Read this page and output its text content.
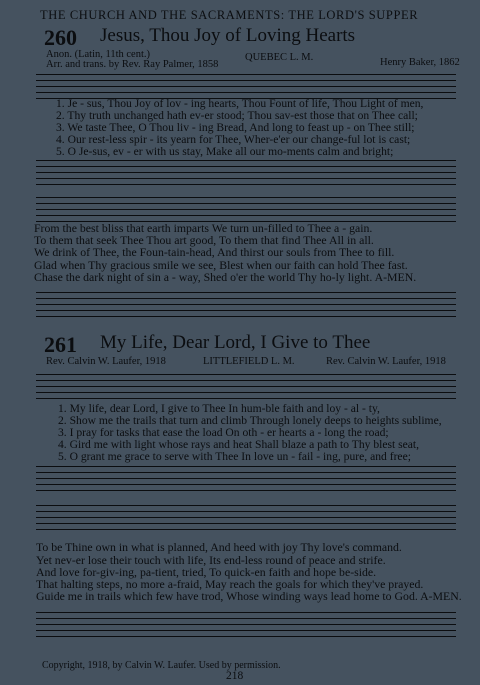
THE CHURCH AND THE SACRAMENTS: THE LORD'S SUPPER
260 Jesus, Thou Joy of Loving Hearts
Anon. (Latin, 11th cent.)
Arr. and trans. by Rev. Ray Palmer, 1858
QUEBEC L. M.	Henry Baker, 1862
1. Je - sus, Thou Joy of lov - ing hearts, Thou Fount of life, Thou Light of men,
2. Thy truth unchanged hath ev-er stood; Thou sav-est those that on Thee call;
3. We taste Thee, O Thou liv - ing Bread, And long to feast up - on Thee still;
4. Our rest-less spir - its yearn for Thee, Wher-e'er our change-ful lot is cast;
5. O Je-sus, ev - er with us stay, Make all our mo-ments calm and bright;
From the best bliss that earth imparts We turn un-filled to Thee a - gain.
To them that seek Thee Thou art good, To them that find Thee All in all.
We drink of Thee, the Foun-tain-head, And thirst our souls from Thee to fill.
Glad when Thy gracious smile we see, Blest when our faith can hold Thee fast.
Chase the dark night of sin a - way, Shed o'er the world Thy ho-ly light. A-MEN.
261 My Life, Dear Lord, I Give to Thee
Rev. Calvin W. Laufer, 1918	LITTLEFIELD L. M.	Rev. Calvin W. Laufer, 1918
1. My life, dear Lord, I give to Thee In hum-ble faith and loy - al - ty,
2. Show me the trails that turn and climb Through lonely deeps to heights sublime,
3. I pray for tasks that ease the load On oth - er hearts a - long the road;
4. Gird me with light whose rays and heat Shall blaze a path to Thy blest seat,
5. O grant me grace to serve with Thee In love un - fail - ing, pure, and free;
To be Thine own in what is planned, And heed with joy Thy love's command.
Yet nev-er lose their touch with life, Its end-less round of peace and strife.
And love for-giv-ing, pa-tient, tried, To quick-en faith and hope be-side.
That halting steps, no more a-fraid, May reach the goals for which they've prayed.
Guide me in trails which few have trod, Whose winding ways lead home to God. A-MEN.
Copyright, 1918, by Calvin W. Laufer. Used by permission.
218
